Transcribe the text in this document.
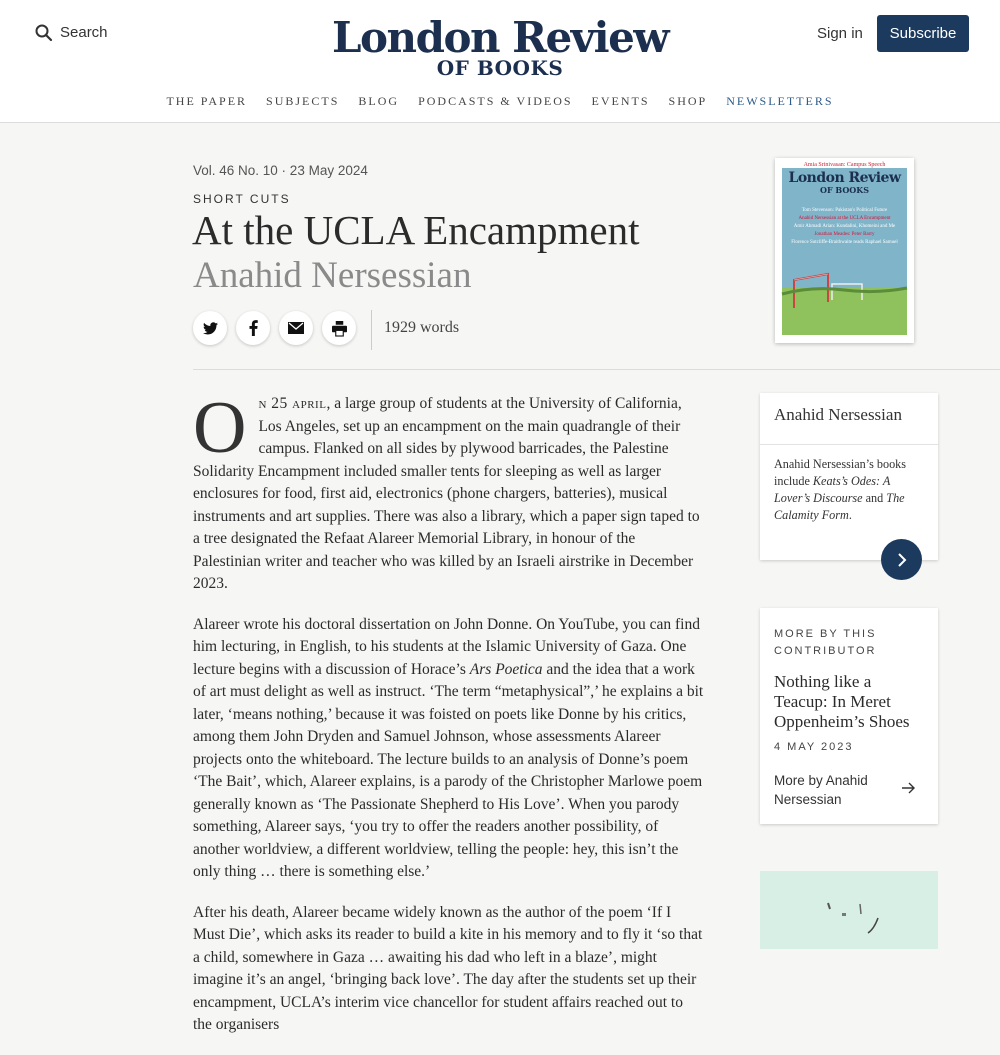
Search	London Review
OF BOOKS
Sign in	Subscribe
THE PAPER SUBJECTS BLOG PODCASTS & VIDEOS EVENTS SHOP NEWSLETTERS
Vol. 46 No. 10 · 23 May 2024
SHORT CUTS
At the UCLA Encampment
Anahid Nersessian
1929 words
Amia Srinivasan: Campus Speech
London Review
OF BOOKS
Tom Stevenson: Pakistan's Political Future
Anahid Nersessian at the UCLA Encampment
Amir Ahmadi Arian: Kundalini, Khomeini and Me
Jonathan Meades: Peter Barry
Florence Sutcliffe-Braithwaite reads Raphael Samuel

On 25 april, a large group of students at the University of California, Los Angeles, set up an encampment on the main quadrangle of their campus. Flanked on all sides by plywood barricades, the Palestine Solidarity Encampment included smaller tents for sleeping as well as larger enclosures for food, first aid, electronics (phone chargers, batteries), musical instruments and art supplies. There was also a library, which a paper sign taped to a tree designated the Refaat Alareer Memorial Library, in honour of the Palestinian writer and teacher who was killed by an Israeli airstrike in December 2023.

Alareer wrote his doctoral dissertation on John Donne. On YouTube, you can find him lecturing, in English, to his students at the Islamic University of Gaza. One lecture begins with a discussion of Horace’s Ars Poetica and the idea that a work of art must delight as well as instruct. ‘The term “metaphysical”,’ he explains a bit later, ‘means nothing,’ because it was foisted on poets like Donne by his critics, among them John Dryden and Samuel Johnson, whose assessments Alareer projects onto the whiteboard. The lecture builds to an analysis of Donne’s poem ‘The Bait’, which, Alareer explains, is a parody of the Christopher Marlowe poem generally known as ‘The Passionate Shepherd to His Love’. When you parody something, Alareer says, ‘you try to offer the readers another possibility, of another worldview, a different worldview, telling the people: hey, this isn’t the only thing … there is something else.’

After his death, Alareer became widely known as the author of the poem ‘If I Must Die’, which asks its reader to build a kite in his memory and to fly it ‘so that a child, somewhere in Gaza … awaiting his dad who left in a blaze’, might imagine it’s an angel, ‘bringing back love’. The day after the students set up their encampment, UCLA’s interim vice chancellor for student affairs reached out to the organisers

Anahid Nersessian
Anahid Nersessian’s books include Keats’s Odes: A Lover’s Discourse and The Calamity Form.
MORE BY THIS CONTRIBUTOR
Nothing like a Teacup: In Meret Oppenheim’s Shoes
4 MAY 2023
More by Anahid Nersessian
